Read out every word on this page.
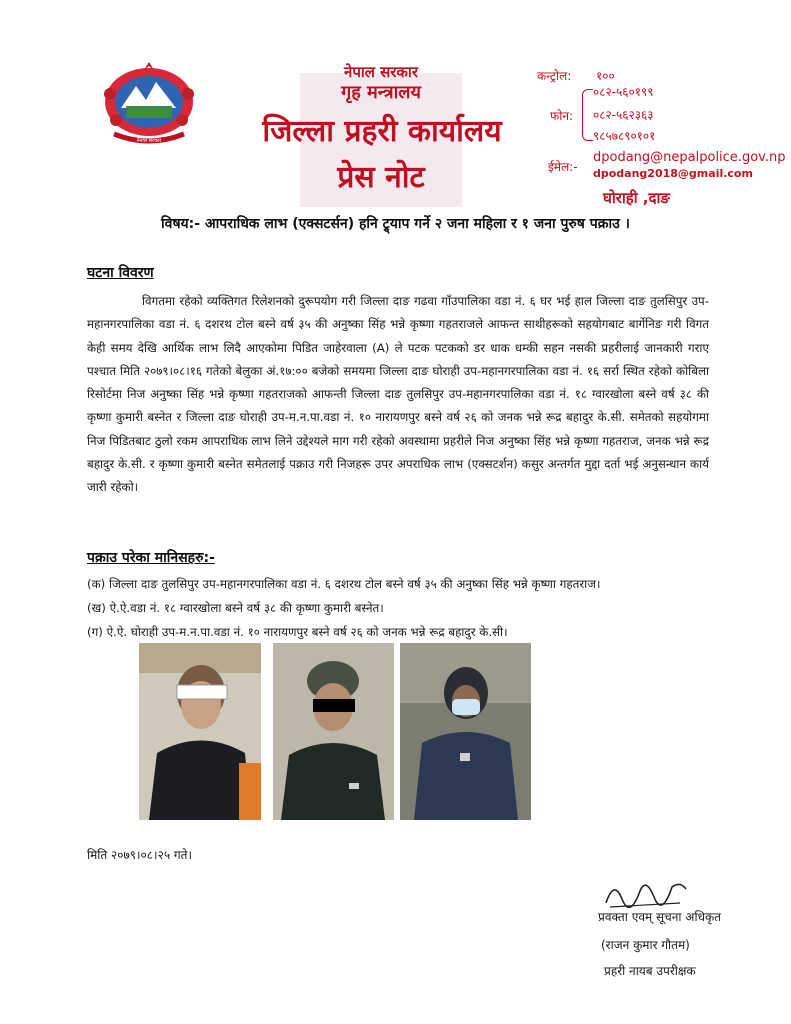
नेपाल सरकार
नेपाल सरकार
गृह मन्त्रालय
जिल्ला प्रहरी कार्यालय
प्रेस नोट
कन्ट्रोल: १००
फोन:
०८२-५६०१९९
०८२-५६२३६३
९८५७८९०१०१
ईमेल:-
dpodang@nepalpolice.gov.np
dpodang2018@gmail.com
घोराही ,दाङ
विषय:- आपराधिक लाभ (एक्सटर्सन) हनि ट्र्याप गर्ने २ जना महिला र १ जना पुरुष पक्राउ ।
घटना विवरण
विगतमा रहेको व्यक्तिगत रिलेशनको दुरूपयोग गरी जिल्ला दाङ गढवा गाँउपालिका वडा नं. ६ घर भई हाल जिल्ला दाङ तुलसिपुर उप-महानगरपालिका वडा नं. ६ दशरथ टोल बस्ने वर्ष ३५ की अनुष्का सिंह भन्ने कृष्णा गहतराजले आफन्त साथीहरूको सहयोगबाट बार्गेनिङ गरी विगत केही समय देखि आर्थिक लाभ लिदै आएकोमा पिडित जाहेरवाला (A) ले पटक पटकको डर धाक धम्की सहन नसकी प्रहरीलाई जानकारी गराए पश्चात मिति २०७९।०८।१६ गतेको बेलुका अं.१७:०० बजेको समयमा जिल्ला दाङ घोराही उप-महानगरपालिका वडा नं. १६ सर्रा स्थित रहेको कोबिला रिसोर्टमा निज अनुष्का सिंह भन्ने कृष्णा गहतराजको आफन्ती जिल्ला दाङ तुलसिपुर उप-महानगरपालिका वडा नं. १८ ग्वारखोला बस्ने वर्ष ३८ की कृष्णा कुमारी बस्नेत र जिल्ला दाङ घोराही उप-म.न.पा.वडा नं. १० नारायणपुर बस्ने वर्ष २६ को जनक भन्ने रूद्र बहादुर के.सी. समेतको सहयोगमा निज पिडितबाट ठुलो रकम आपराधिक लाभ लिने उद्देश्यले माग गरी रहेको अवस्थामा प्रहरीले निज अनुष्का सिंह भन्ने कृष्णा गहतराज, जनक भन्ने रूद्र बहादुर के.सी. र कृष्णा कुमारी बस्नेत समेतलाई पक्राउ गरी निजहरू उपर अपराधिक लाभ (एक्सटर्शन) कसुर अन्तर्गत मुद्दा दर्ता भई अनुसन्धान कार्य जारी रहेको।
पक्राउ परेका मानिसहरु:-
(क) जिल्ला दाङ तुलसिपुर उप-महानगरपालिका वडा नं. ६ दशरथ टोल बस्ने वर्ष ३५ की अनुष्का सिंह भन्ने कृष्णा गहतराज।
(ख) ऐ.ऐ.वडा नं. १८ ग्वारखोला बस्ने वर्ष ३८ की कृष्णा कुमारी बस्नेत।
(ग) ऐ.ऐ. घोराही उप-म.न.पा.वडा नं. १० नारायणपुर बस्ने वर्ष २६ को जनक भन्ने रूद्र बहादुर के.सी।
मिति २०७९।०८।२५ गते।
प्रवक्ता एवम् सूचना अधिकृत
(राजन कुमार गौतम)
प्रहरी नायब उपरीक्षक
